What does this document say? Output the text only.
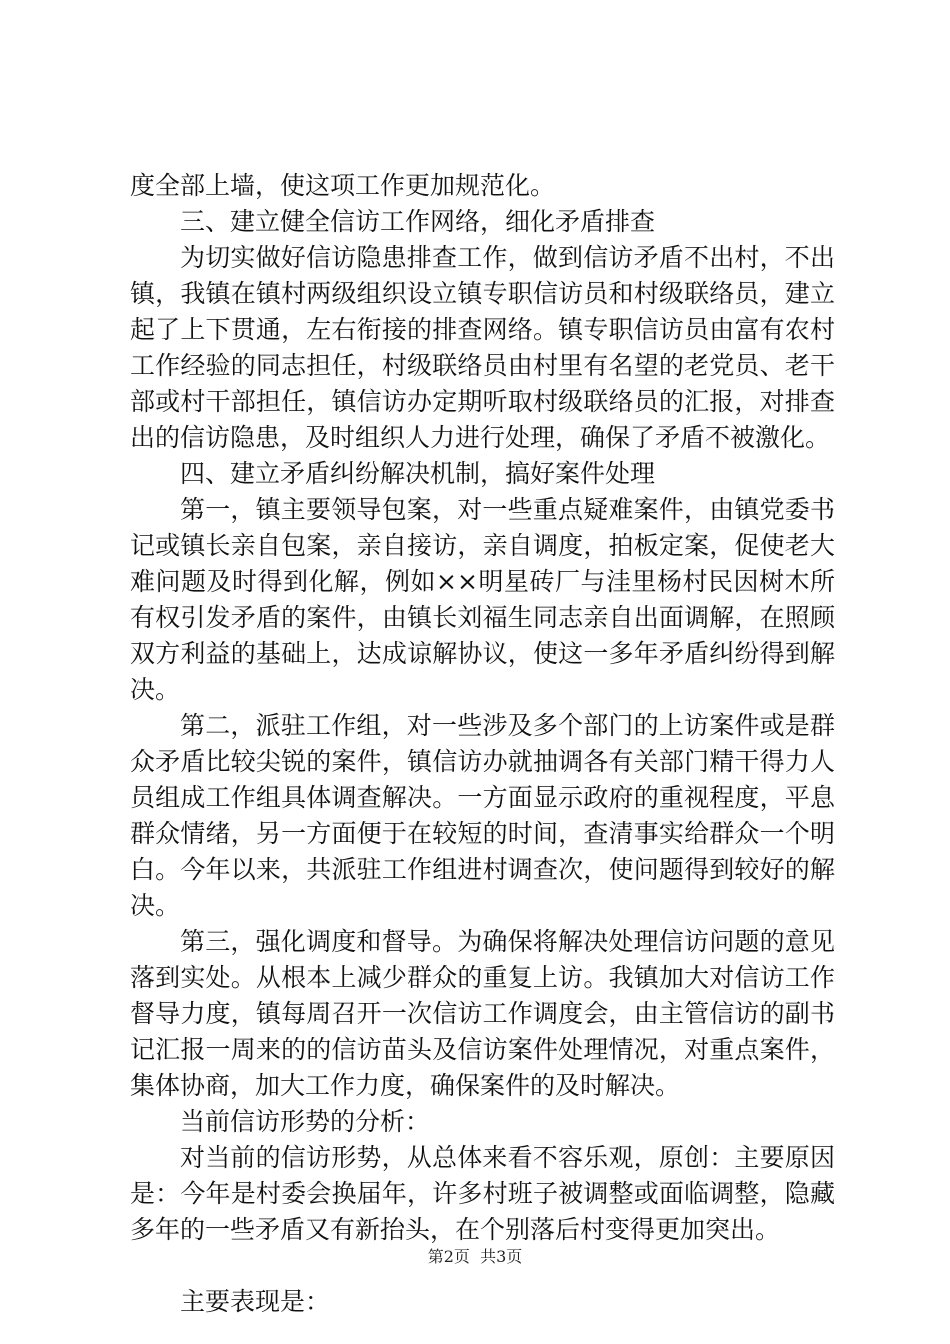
度全部上墙，使这项工作更加规范化。

三、建立健全信访工作网络，细化矛盾排查

为切实做好信访隐患排查工作，做到信访矛盾不出村，不出镇，我镇在镇村两级组织设立镇专职信访员和村级联络员，建立起了上下贯通，左右衔接的排查网络。镇专职信访员由富有农村工作经验的同志担任，村级联络员由村里有名望的老党员、老干部或村干部担任，镇信访办定期听取村级联络员的汇报，对排查出的信访隐患，及时组织人力进行处理，确保了矛盾不被激化。

四、建立矛盾纠纷解决机制，搞好案件处理

第一，镇主要领导包案，对一些重点疑难案件，由镇党委书记或镇长亲自包案，亲自接访，亲自调度，拍板定案，促使老大难问题及时得到化解，例如××明星砖厂与洼里杨村民因树木所有权引发矛盾的案件，由镇长刘福生同志亲自出面调解，在照顾双方利益的基础上，达成谅解协议，使这一多年矛盾纠纷得到解决。

第二，派驻工作组，对一些涉及多个部门的上访案件或是群众矛盾比较尖锐的案件，镇信访办就抽调各有关部门精干得力人员组成工作组具体调查解决。一方面显示政府的重视程度，平息群众情绪，另一方面便于在较短的时间，查清事实给群众一个明白。今年以来，共派驻工作组进村调查次，使问题得到较好的解决。

第三，强化调度和督导。为确保将解决处理信访问题的意见落到实处。从根本上减少群众的重复上访。我镇加大对信访工作督导力度，镇每周召开一次信访工作调度会，由主管信访的副书记汇报一周来的的信访苗头及信访案件处理情况，对重点案件，集体协商，加大工作力度，确保案件的及时解决。

当前信访形势的分析：

对当前的信访形势，从总体来看不容乐观，原创：主要原因是：今年是村委会换届年，许多村班子被调整或面临调整，隐藏多年的一些矛盾又有新抬头，在个别落后村变得更加突出。

主要表现是：

第2页  共3页
